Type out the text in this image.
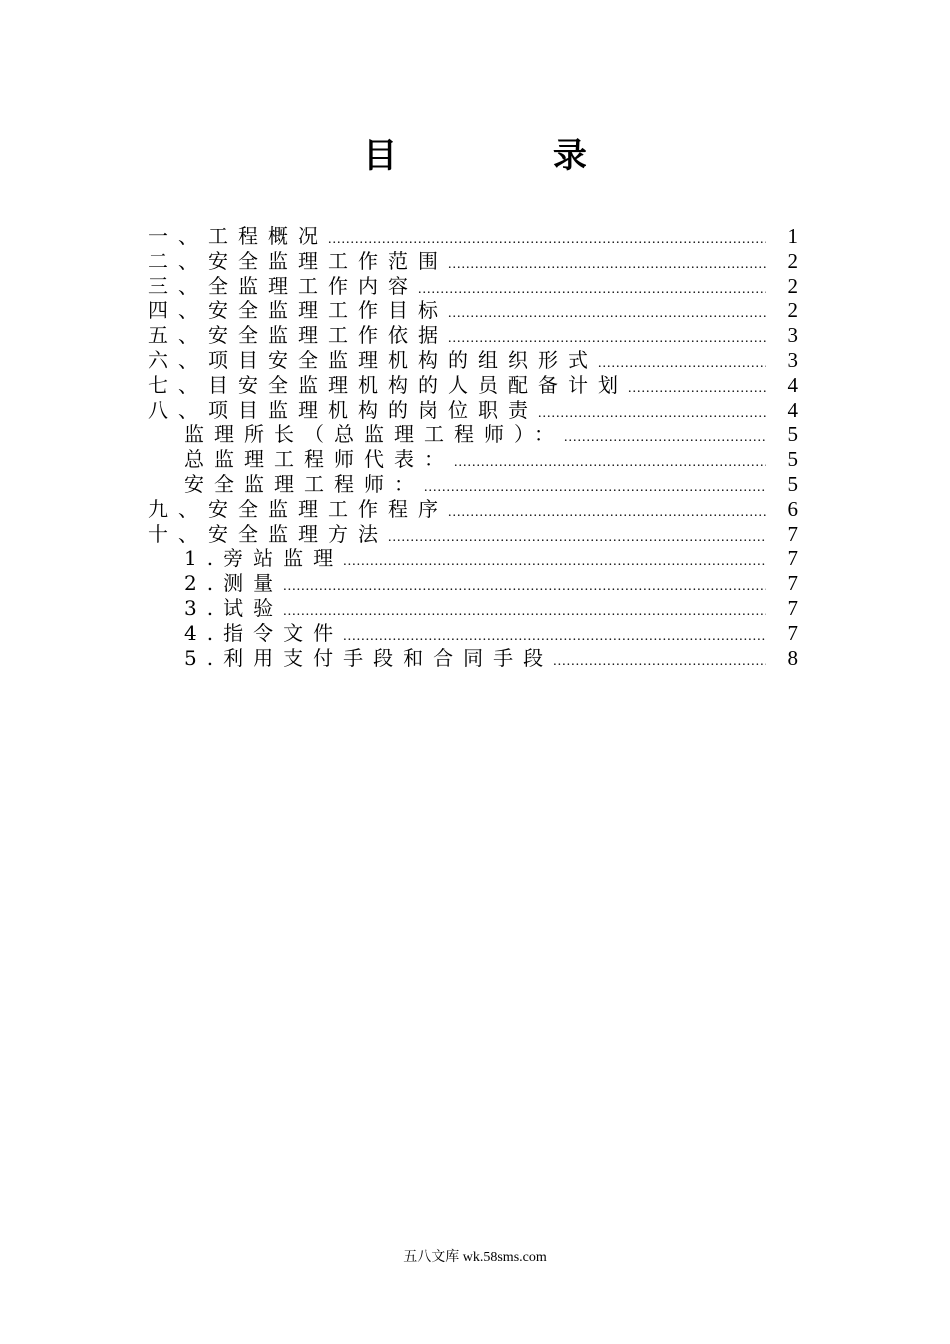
目 录
一、工程概况 .....	1
二、安全监理工作范围 .....	2
三、全监理工作内容 .....	2
四、安全监理工作目标 .....	2
五、安全监理工作依据 .....	3
六、项目安全监理机构的组织形式 .....	3
七、目安全监理机构的人员配备计划 .....	4
八、项目监理机构的岗位职责 .....	4
监理所长（总监理工程师）： .....	5
总监理工程师代表： .....	5
安全监理工程师： .....	5
九、安全监理工作程序 .....	6
十、安全监理方法 .....	7
1.旁站监理 .....	7
2.测量 .....	7
3.试验 .....	7
4.指令文件 .....	7
5.利用支付手段和合同手段 .....	8
五八文库 wk.58sms.com
